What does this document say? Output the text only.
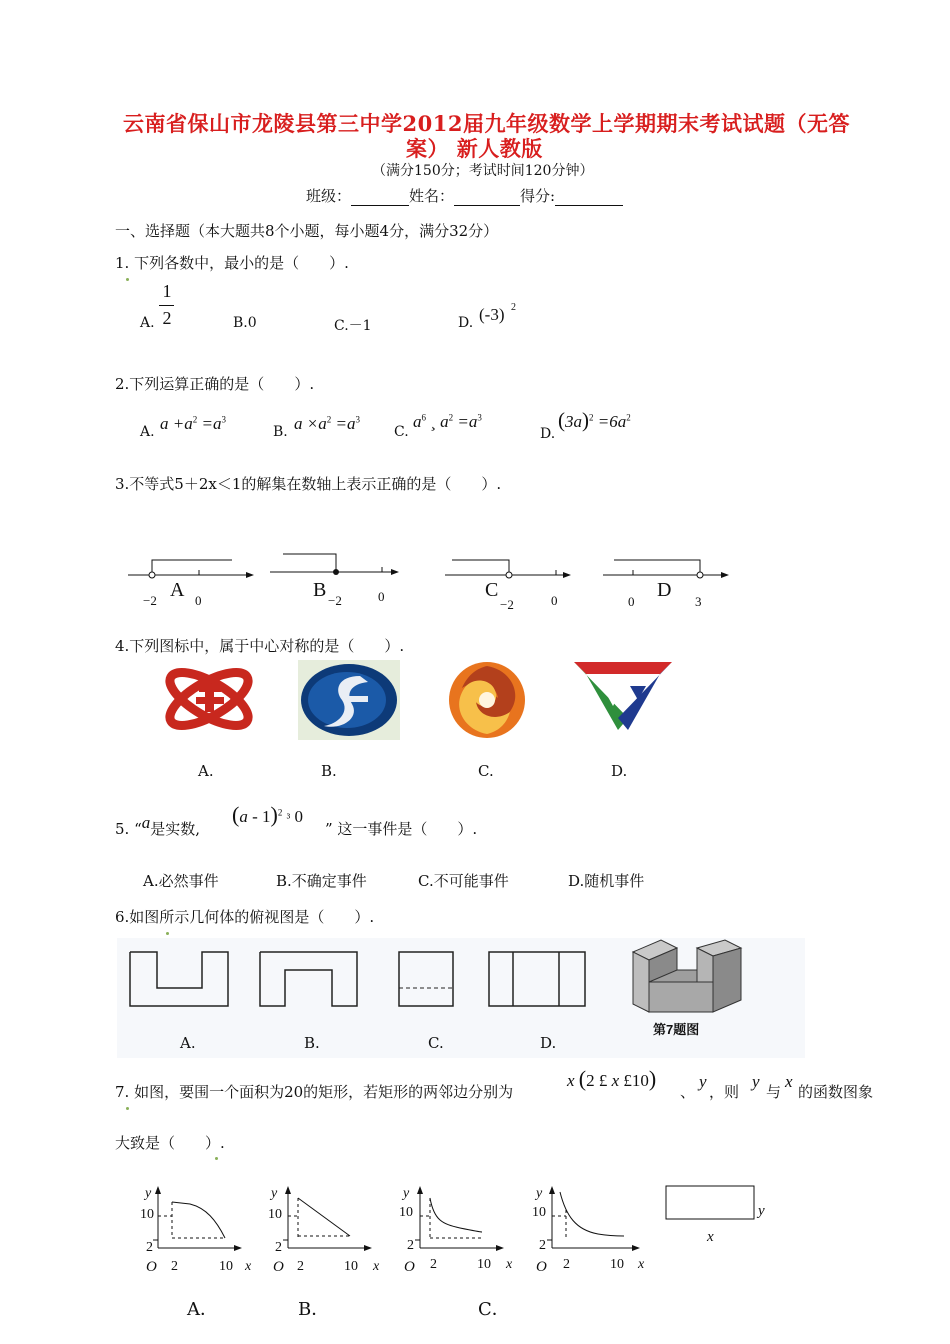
云南省保山市龙陵县第三中学2012届九年级数学上学期期末考试试题（无答
案） 新人教版
（满分150分；考试时间120分钟）
班级：	姓名：	得分:
一、选择题（本大题共8个小题，每小题4分，满分32分）
1. 下列各数中，最小的是（　　）.
A.
1
2	B.0	C.－1	D. (-3) 2
2.下列运算正确的是（　　）.
A. $a +a^2 =a^3$
B. $a \times a^2 =a^3$
C.
$a^6$ ¸ $a^2 =a^3$
D.
$(3a)^2 =6a^2$
3.不等式5＋2x＜1的解集在数轴上表示正确的是（　　）.
A
−2	0	B −2	0	C
−2	0	D
0	3
4.下列图标中，属于中心对称的是（　　）.
A.	B.	C.	D.
5. “a是实数,
(a - 1)$^2$ ³ 0
” 这一事件是（　　）.
A.必然事件	B.不确定事件	C.不可能事件	D.随机事件
6.如图所示几何体的俯视图是（　　）.
A.	B.	C.	D.
第7题图
7. 如图，要围一个面积为20的矩形，若矩形的两邻边分别为
x (2 £ x £10)
、
y
，则
y
与
x
的函数图象
大致是（　　）.
y
10
2
O 2	10 x
y
10
2
O 2	10 x
y
10
2
O 2	10 x
y
10
2
O 2	10 x
y
x
A．	B．	C．
